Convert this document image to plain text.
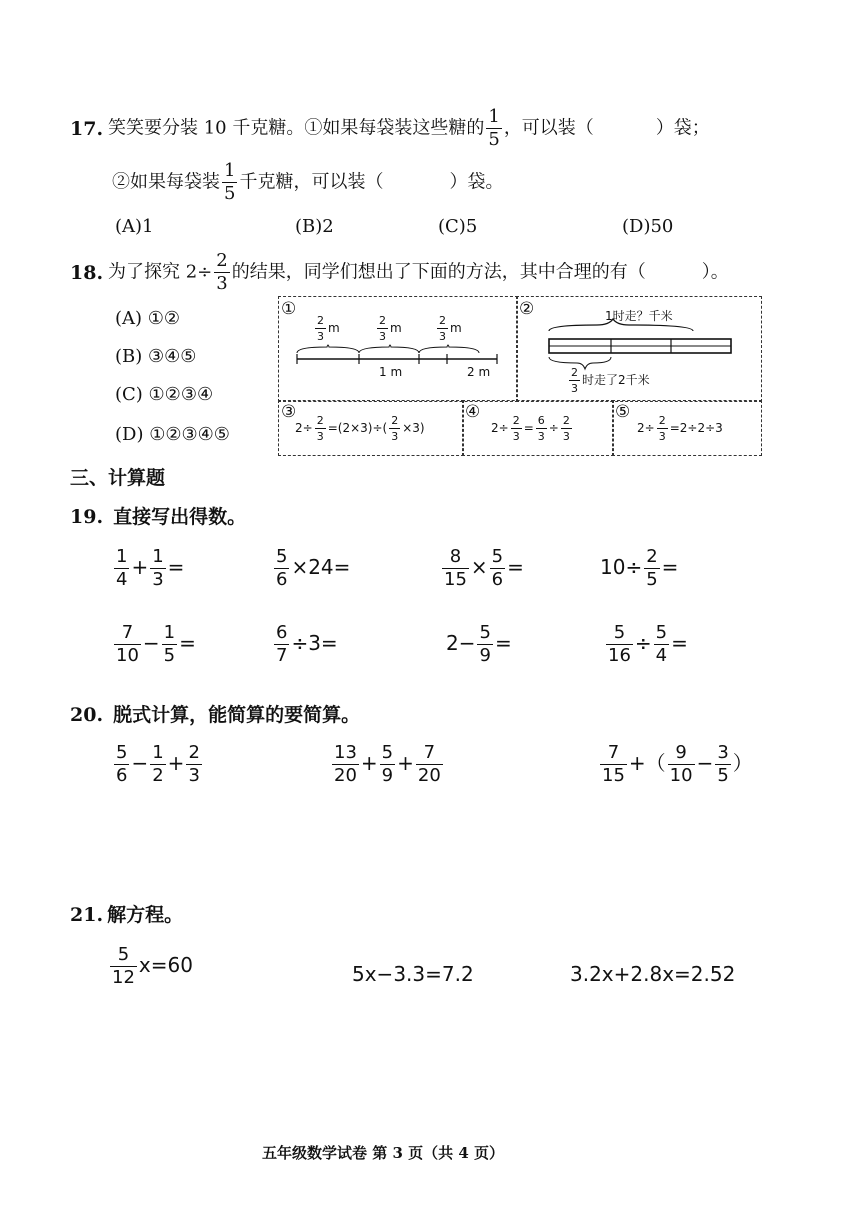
17. 笑笑要分装 10 千克糖。①如果每袋装这些糖的 $\frac{1}{5}$ ，可以装（	）袋；
②如果每袋装 $\frac{1}{5}$ 千克糖，可以装（	）袋。
(A)1	(B)2	(C)5	(D)50
18. 为了探究 $2\div \frac{2}{3}$ 的结果，同学们想出了下面的方法，其中合理的有（	）。
(A) ①②
(B) ③④⑤
(C) ①②③④
(D) ①②③④⑤
①
$\frac{2}{3}$ m	$\frac{2}{3}$ m	$\frac{2}{3}$ m
1 m	2 m
②	1时走？千米
$\frac{2}{3}$ 时走了2千米
③
$2\div \frac{2}{3} =(2\times 3)\div( \frac{2}{3} \times 3)$
④
$2\div \frac{2}{3} = \frac{6}{3} \div \frac{2}{3}$
⑤
$2\div \frac{2}{3} =2\div 2\div 3$
三、计算题
19. 直接写出得数。
$\frac{1}{4} + \frac{1}{3}$ =	$\frac{5}{6} \times 24=$	$\frac{8}{15} \times \frac{5}{6}$ =	$10\div \frac{2}{5}$ =
$\frac{7}{10} - \frac{1}{5}$ =	$\frac{6}{7} \div 3=$	$2- \frac{5}{9}$ =	$\frac{5}{16} \div \frac{5}{4}$ =
20. 脱式计算，能简算的要简算。
$\frac{5}{6} - \frac{1}{2} + \frac{2}{3}$	$\frac{13}{20} + \frac{5}{9} + \frac{7}{20}$	$\frac{7}{15}$ +（ $\frac{9}{10} - \frac{3}{5}$ ）
21. 解方程。
$\frac{5}{12} x=60$	5x−3.3=7.2	3.2x+2.8x=2.52
五年级数学试卷 第 3 页（共 4 页）
